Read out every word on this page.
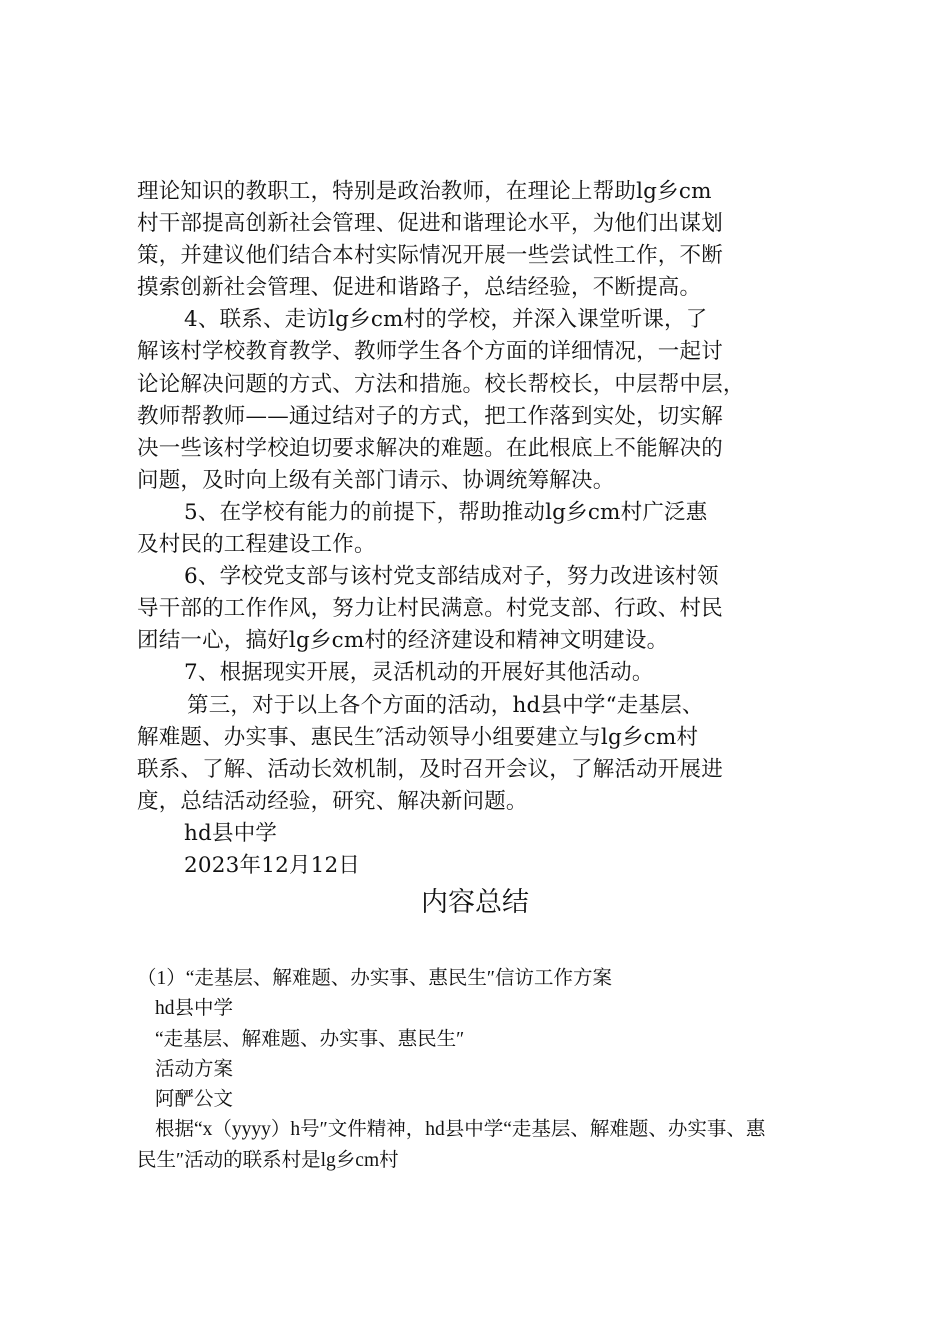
理论知识的教职工，特别是政治教师，在理论上帮助lg乡cm
村干部提高创新社会管理、促进和谐理论水平，为他们出谋划
策，并建议他们结合本村实际情况开展一些尝试性工作，不断
摸索创新社会管理、促进和谐路子，总结经验，不断提高。
4、联系、走访lg乡cm村的学校，并深入课堂听课，了
解该村学校教育教学、教师学生各个方面的详细情况，一起讨
论论解决问题的方式、方法和措施。校长帮校长，中层帮中层，
教师帮教师——通过结对子的方式，把工作落到实处，切实解
决一些该村学校迫切要求解决的难题。在此根底上不能解决的
问题，及时向上级有关部门请示、协调统筹解决。
5、在学校有能力的前提下，帮助推动lg乡cm村广泛惠
及村民的工程建设工作。
6、学校党支部与该村党支部结成对子，努力改进该村领
导干部的工作作风，努力让村民满意。村党支部、行政、村民
团结一心，搞好lg乡cm村的经济建设和精神文明建设。
7、根据现实开展，灵活机动的开展好其他活动。
第三，对于以上各个方面的活动，hd县中学“走基层、
解难题、办实事、惠民生″活动领导小组要建立与lg乡cm村
联系、了解、活动长效机制，及时召开会议，了解活动开展进
度，总结活动经验，研究、解决新问题。
hd县中学
2023年12月12日
内容总结
（1）“走基层、解难题、办实事、惠民生″信访工作方案
hd县中学
“走基层、解难题、办实事、惠民生″
活动方案
阿酽公文
根据“x（yyyy）h号″文件精神，hd县中学“走基层、解难题、办实事、惠
民生″活动的联系村是lg乡cm村
